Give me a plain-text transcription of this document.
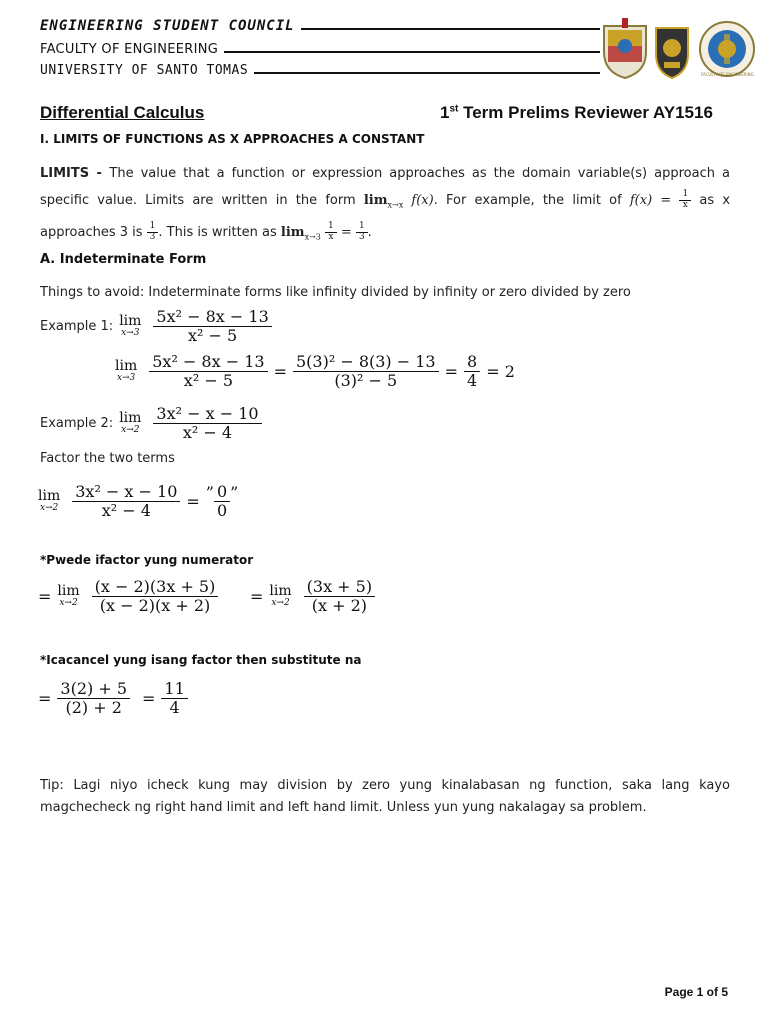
ENGINEERING STUDENT COUNCIL
FACULTY OF ENGINEERING
UNIVERSITY OF SANTO TOMAS	FACULTY OF ENGINEERING
Differential Calculus	1st Term Prelims Reviewer AY1516
I. LIMITS OF FUNCTIONS AS X APPROACHES A CONSTANT
LIMITS - The value that a function or expression approaches as the domain variable(s) approach a specific value. Limits are written in the form $\lim_{x\to x} f(x)$. For example, the limit of $f(x) = \frac{1}{x}$ as x approaches 3 is $\frac{1}{3}$ . This is written as $\lim_{x\to 3} \frac{1}{x} = \frac{1}{3}$ .
A. Indeterminate Form
Things to avoid: Indeterminate forms like infinity divided by infinity or zero divided by zero
Example 1: lim
$x\to 3 \frac{\text{5x² − 8x − 13}}{\text{x² − 5}}$
lim
$x\to 3 \frac{\text{5x² − 8x − 13}}{\text{x² − 5}} = \frac{\text{5(3)² − 8(3) − 13}}{\text{(3)² − 5}} = \frac{8}{4} = 2$
Example 2: lim
$x\to 2 \frac{\text{3x² − x − 10}}{\text{x² − 4}}$
Factor the two terms
lim
$x\to 2 \frac{\text{3x² − x − 10}}{\text{x² − 4}}$ = ” $\frac{0}{0}$ ”
*Pwede ifactor yung numerator
= lim
$x\to 2 \frac{(x - 2)(3x + 5)}{(x - 2)(x + 2)} = \lim$
$x\to 2 \frac{(3x + 5)}{(x + 2)}$
*Icacancel yung isang factor then substitute na
= $\frac{3(2) + 5}{(2) + 2} = \frac{11}{4}$
Tip: Lagi niyo icheck kung may division by zero yung kinalabasan ng function, saka lang kayo magchecheck ng right hand limit and left hand limit. Unless yun yung nakalagay sa problem.
Page 1 of 5
